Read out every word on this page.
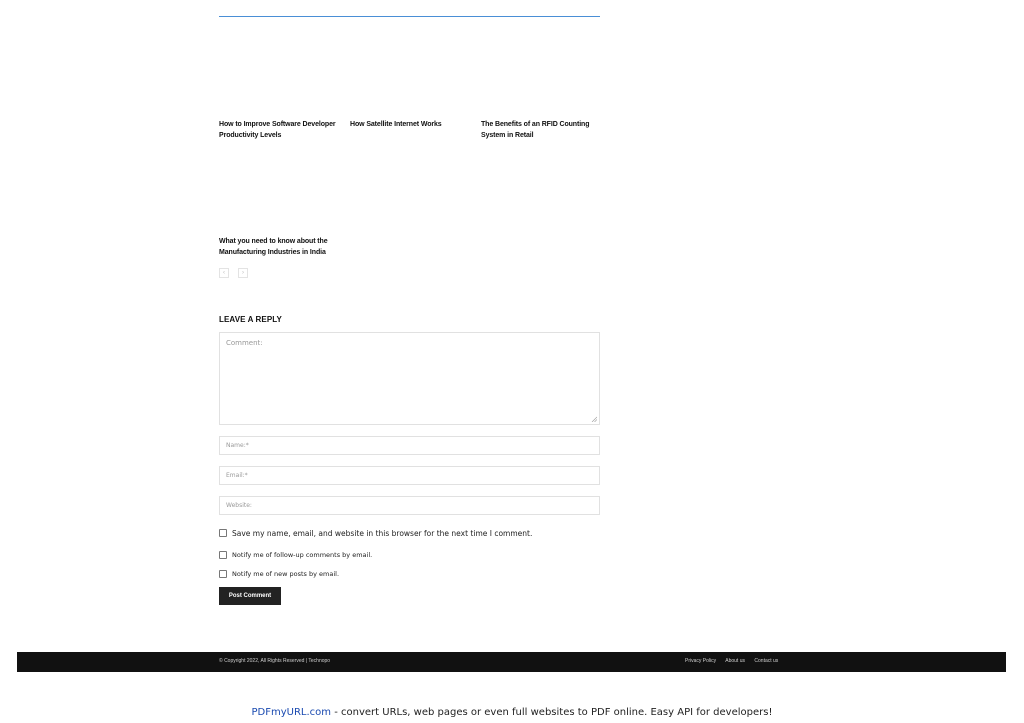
How to Improve Software Developer Productivity Levels
How Satellite Internet Works	The Benefits of an RFID Counting System in Retail
What you need to know about the Manufacturing Industries in India
‹	›
LEAVE A REPLY
Comment:
Name:*
Email:*
Website:
Save my name, email, and website in this browser for the next time I comment.
Notify me of follow-up comments by email.
Notify me of new posts by email.
Post Comment
© Copyright 2022, All Rights Reserved | Technopo	Privacy Policy About us Contact us
PDFmyURL.com - convert URLs, web pages or even full websites to PDF online. Easy API for developers!
